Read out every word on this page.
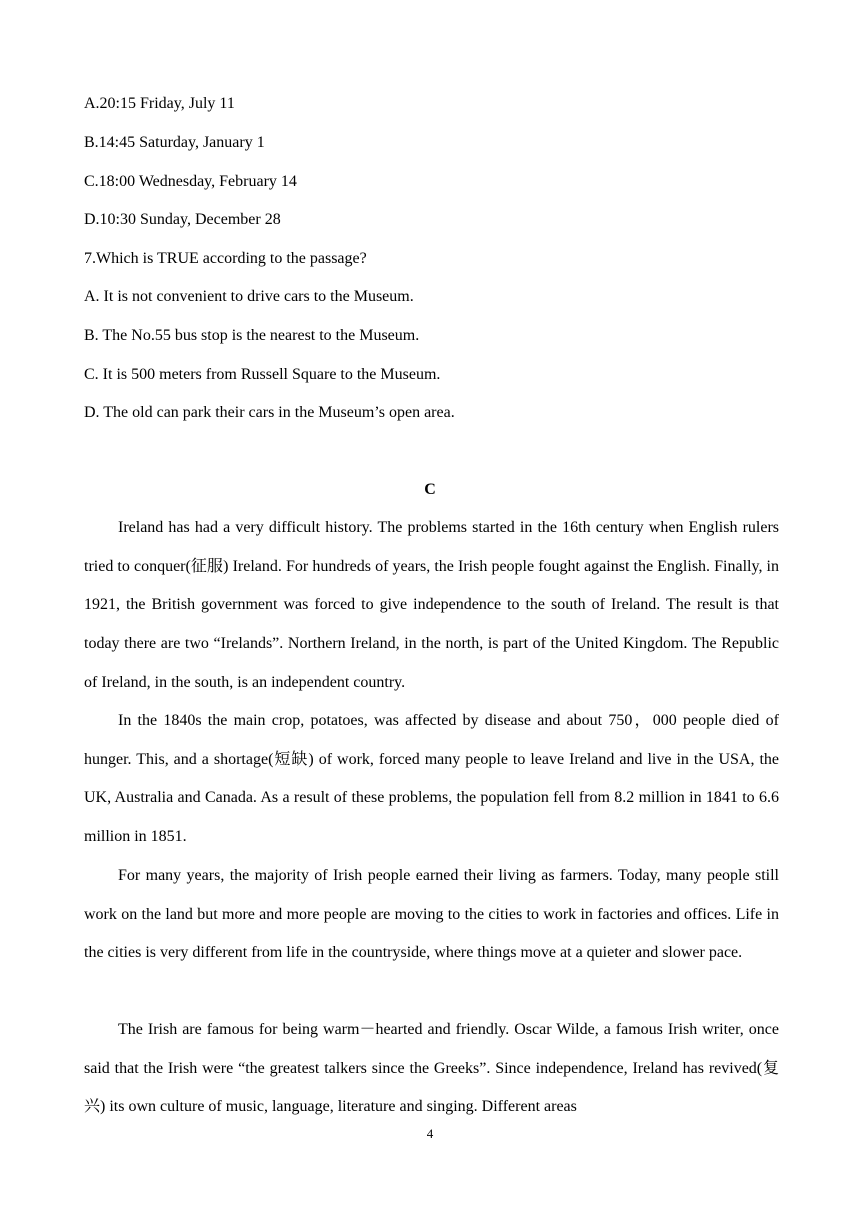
A.20:15 Friday, July 11
B.14:45 Saturday, January 1
C.18:00 Wednesday, February 14
D.10:30 Sunday, December 28
7.Which is TRUE according to the passage?
A. It is not convenient to drive cars to the Museum.
B. The No.55 bus stop is the nearest to the Museum.
C. It is 500 meters from Russell Square to the Museum.
D. The old can park their cars in the Museum’s open area.
C
Ireland has had a very difficult history. The problems started in the 16th century when English rulers tried to conquer(征服) Ireland. For hundreds of years, the Irish people fought against the English. Finally, in 1921, the British government was forced to give independence to the south of Ireland. The result is that today there are two “Irelands”. Northern Ireland, in the north, is part of the United Kingdom. The Republic of Ireland, in the south, is an independent country.
In the 1840s the main crop, potatoes, was affected by disease and about 750，000 people died of hunger. This, and a shortage(短缺) of work, forced many people to leave Ireland and live in the USA, the UK, Australia and Canada. As a result of these problems, the population fell from 8.2 million in 1841 to 6.6 million in 1851.
For many years, the majority of Irish people earned their living as farmers. Today, many people still work on the land but more and more people are moving to the cities to work in factories and offices. Life in the cities is very different from life in the countryside, where things move at a quieter and slower pace.
The Irish are famous for being warm－hearted and friendly. Oscar Wilde, a famous Irish writer, once said that the Irish were “the greatest talkers since the Greeks”. Since independence, Ireland has revived(复兴) its own culture of music, language, literature and singing. Different areas
4
